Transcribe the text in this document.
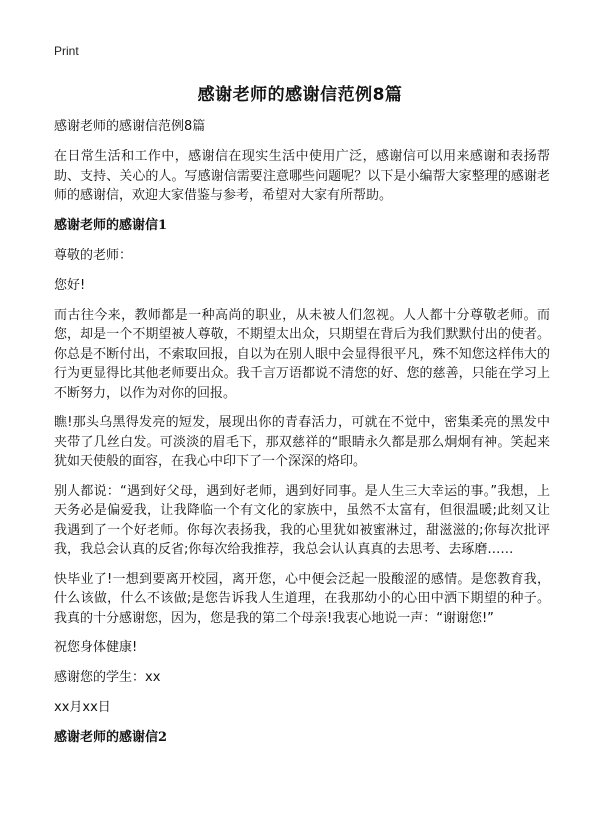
Print
感谢老师的感谢信范例8篇
感谢老师的感谢信范例8篇

在日常生活和工作中，感谢信在现实生活中使用广泛，感谢信可以用来感谢和表扬帮助、支持、关心的人。写感谢信需要注意哪些问题呢？以下是小编帮大家整理的感谢老师的感谢信，欢迎大家借鉴与参考，希望对大家有所帮助。

感谢老师的感谢信1
尊敬的老师：
您好!

而古往今来，教师都是一种高尚的职业，从未被人们忽视。人人都十分尊敬老师。而您，却是一个不期望被人尊敬，不期望太出众，只期望在背后为我们默默付出的使者。你总是不断付出，不索取回报，自以为在别人眼中会显得很平凡，殊不知您这样伟大的行为更显得比其他老师要出众。我千言万语都说不清您的好、您的慈善，只能在学习上不断努力，以作为对你的回报。

瞧!那头乌黑得发亮的短发，展现出你的青春活力，可就在不觉中，密集柔亮的黑发中夹带了几丝白发。可淡淡的眉毛下，那双慈祥的“眼睛永久都是那么炯炯有神。笑起来犹如天使般的面容，在我心中印下了一个深深的烙印。

别人都说：“遇到好父母，遇到好老师，遇到好同事。是人生三大幸运的事。”我想，上天务必是偏爱我，让我降临一个有文化的家族中，虽然不太富有，但很温暖;此刻又让我遇到了一个好老师。你每次表扬我，我的心里犹如被蜜淋过，甜滋滋的;你每次批评我，我总会认真的反省;你每次给我推荐，我总会认认真真的去思考、去琢磨……

快毕业了!一想到要离开校园，离开您，心中便会泛起一股酸涩的感情。是您教育我，什么该做，什么不该做;是您告诉我人生道理，在我那幼小的心田中洒下期望的种子。我真的十分感谢您，因为，您是我的第二个母亲!我衷心地说一声：“谢谢您!”

祝您身体健康!
感谢您的学生：xx
xx月xx日
感谢老师的感谢信2
